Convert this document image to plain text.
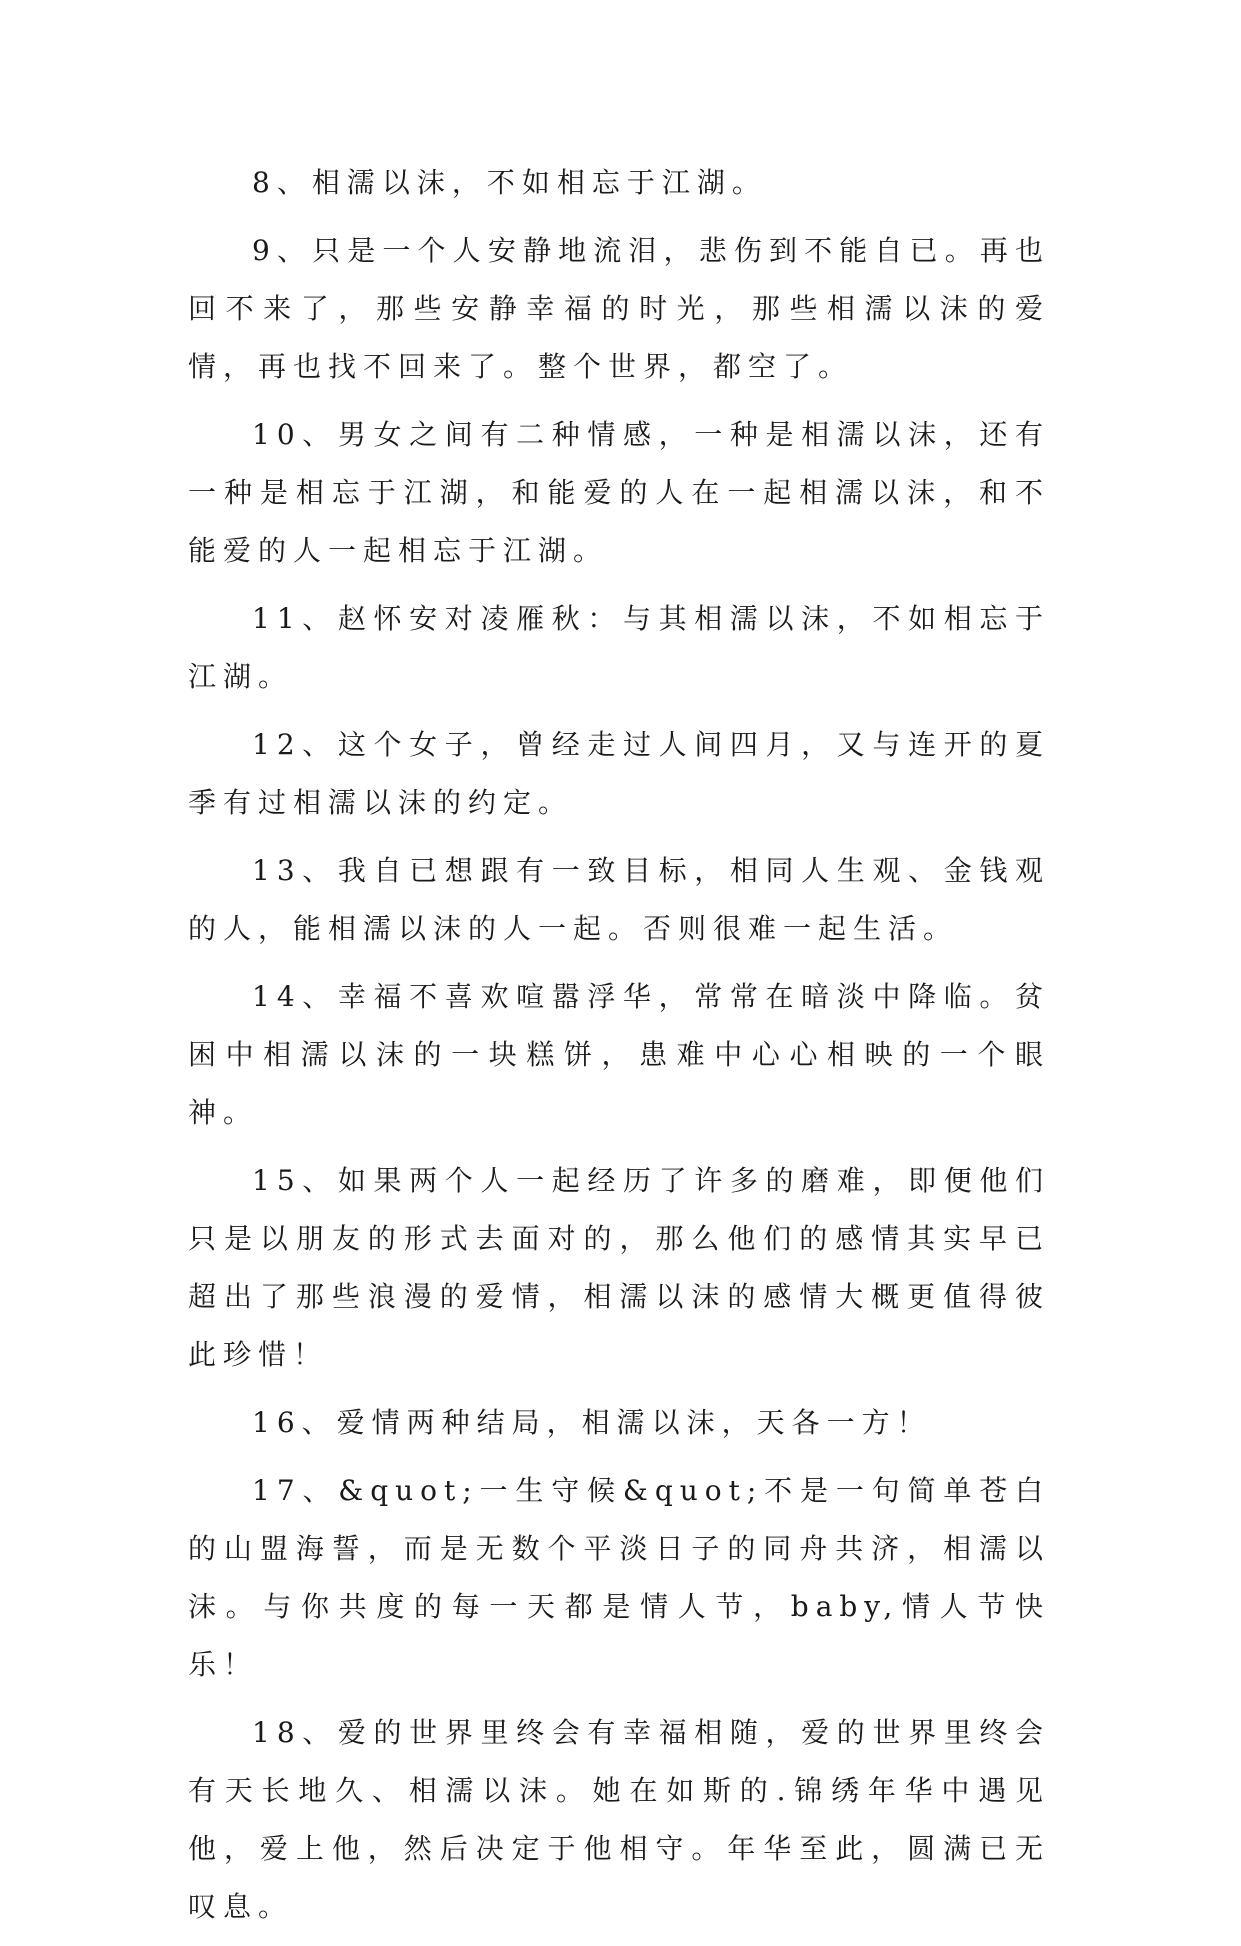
8、相濡以沫，不如相忘于江湖。

9、只是一个人安静地流泪，悲伤到不能自已。再也回不来了，那些安静幸福的时光，那些相濡以沫的爱情，再也找不回来了。整个世界，都空了。

10、男女之间有二种情感，一种是相濡以沫，还有一种是相忘于江湖，和能爱的人在一起相濡以沫，和不能爱的人一起相忘于江湖。

11、赵怀安对凌雁秋：与其相濡以沫，不如相忘于江湖。

12、这个女子，曾经走过人间四月，又与连开的夏季有过相濡以沫的约定。

13、我自已想跟有一致目标，相同人生观、金钱观的人，能相濡以沫的人一起。否则很难一起生活。

14、幸福不喜欢喧嚣浮华，常常在暗淡中降临。贫困中相濡以沫的一块糕饼，患难中心心相映的一个眼神。

15、如果两个人一起经历了许多的磨难，即便他们只是以朋友的形式去面对的，那么他们的感情其实早已超出了那些浪漫的爱情，相濡以沫的感情大概更值得彼此珍惜！

16、爱情两种结局，相濡以沫，天各一方！

17、&quot;一生守候&quot;不是一句简单苍白的山盟海誓，而是无数个平淡日子的同舟共济，相濡以沫。与你共度的每一天都是情人节，baby,情人节快乐！

18、爱的世界里终会有幸福相随，爱的世界里终会有天长地久、相濡以沫。她在如斯的.锦绣年华中遇见他，爱上他，然后决定于他相守。年华至此，圆满已无叹息。
